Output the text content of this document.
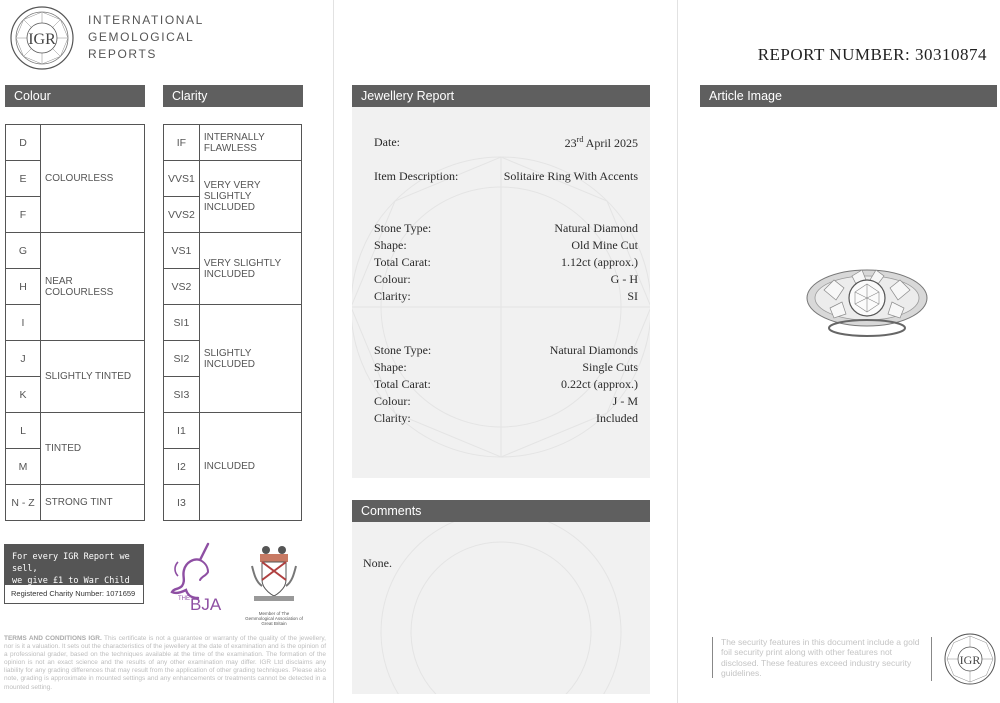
IGR
INTERNATIONAL
GEMOLOGICAL
REPORTS
Colour	Clarity
D	COLOURLESS
E	
F	
G	NEAR COLOURLESS
H	
I	
J	SLIGHTLY TINTED
K	
L	TINTED
M	
N - Z	STRONG TINT
IF	INTERNALLY FLAWLESS
VVS1	VERY VERY SLIGHTLY INCLUDED
VVS2	
VS1	VERY SLIGHTLY INCLUDED
VS2	
SI1	SLIGHTLY INCLUDED
SI2	
SI3	
I1	INCLUDED
I2	
I3	
For every IGR Report we sell,
we give £1 to War Child
Registered Charity Number: 1071659
THE BJA	Member of The Gemmological Association of Great Britain
TERMS AND CONDITIONS IGR. This certificate is not a guarantee or warranty of the quality of the jewellery, nor is it a valuation. It sets out the characteristics of the jewellery at the date of examination and is the opinion of a professional grader, based on the techniques available at the time of the examination. The formation of the opinion is not an exact science and the results of any other examination may differ. IGR Ltd disclaims any liability for any grading differences that may result from the application of other grading techniques. Please also note, grading is approximate in mounted settings and any enhancements or treatments cannot be detected in a mounted setting.
Jewellery Report
Date:	23rd April 2025
Item Description:	Solitaire Ring With Accents
Stone Type:	Natural Diamond
Shape:	Old Mine Cut
Total Carat:	1.12ct (approx.)
Colour:	G - H
Clarity:	SI
Stone Type:	Natural Diamonds
Shape:	Single Cuts
Total Carat:	0.22ct (approx.)
Colour:	J - M
Clarity:	Included
Comments
None.
REPORT NUMBER: 30310874
Article Image
The security features in this document include a gold foil security print along with other features not disclosed. These features exceed industry security guidelines.
IGR
